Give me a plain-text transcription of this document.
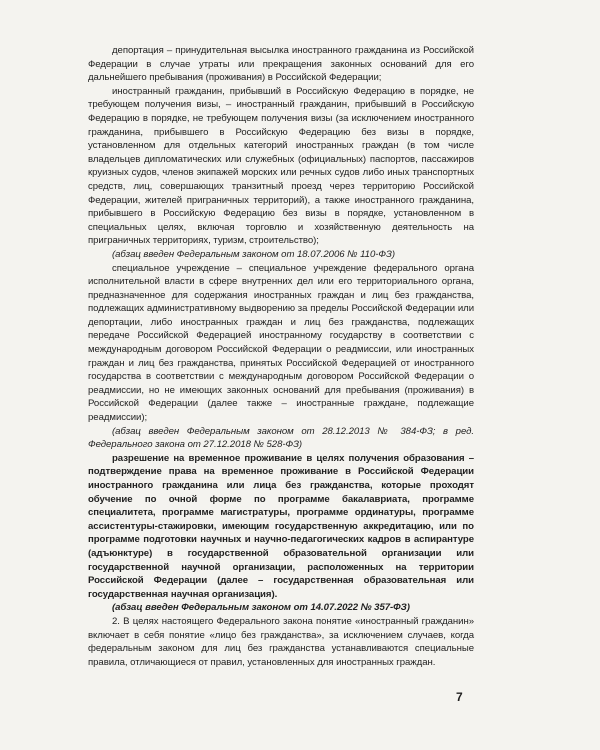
депортация – принудительная высылка иностранного гражданина из Российской Федерации в случае утраты или прекращения законных оснований для его дальнейшего пребывания (проживания) в Российской Федерации;

иностранный гражданин, прибывший в Российскую Федерацию в порядке, не требующем получения визы, – иностранный гражданин, прибывший в Российскую Федерацию в порядке, не требующем получения визы (за исключением иностранного гражданина, прибывшего в Российскую Федерацию без визы в порядке, установленном для отдельных категорий иностранных граждан (в том числе владельцев дипломатических или служебных (официальных) паспортов, пассажиров круизных судов, членов экипажей морских или речных судов либо иных транспортных средств, лиц, совершающих транзитный проезд через территорию Российской Федерации, жителей приграничных территорий), а также иностранного гражданина, прибывшего в Российскую Федерацию без визы в порядке, установленном в специальных целях, включая торговлю и хозяйственную деятельность на приграничных территориях, туризм, строительство);

(абзац введен Федеральным законом от 18.07.2006 № 110-ФЗ)

специальное учреждение – специальное учреждение федерального органа исполнительной власти в сфере внутренних дел или его территориального органа, предназначенное для содержания иностранных граждан и лиц без гражданства, подлежащих административному выдворению за пределы Российской Федерации или депортации, либо иностранных граждан и лиц без гражданства, подлежащих передаче Российской Федерацией иностранному государству в соответствии с международным договором Российской Федерации о реадмиссии, или иностранных граждан и лиц без гражданства, принятых Российской Федерацией от иностранного государства в соответствии с международным договором Российской Федерации о реадмиссии, но не имеющих законных оснований для пребывания (проживания) в Российской Федерации (далее также – иностранные граждане, подлежащие реадмиссии);

(абзац введен Федеральным законом от 28.12.2013 № 384-ФЗ; в ред. Федерального закона от 27.12.2018 № 528-ФЗ)

разрешение на временное проживание в целях получения образования – подтверждение права на временное проживание в Российской Федерации иностранного гражданина или лица без гражданства, которые проходят обучение по очной форме по программе бакалавриата, программе специалитета, программе магистратуры, программе ординатуры, программе ассистентуры-стажировки, имеющим государственную аккредитацию, или по программе подготовки научных и научно-педагогических кадров в аспирантуре (адъюнктуре) в государственной образовательной организации или государственной научной организации, расположенных на территории Российской Федерации (далее – государственная образовательная или государственная научная организация).

(абзац введен Федеральным законом от 14.07.2022 № 357-ФЗ)

2. В целях настоящего Федерального закона понятие «иностранный гражданин» включает в себя понятие «лицо без гражданства», за исключением случаев, когда федеральным законом для лиц без гражданства устанавливаются специальные правила, отличающиеся от правил, установленных для иностранных граждан.

7
